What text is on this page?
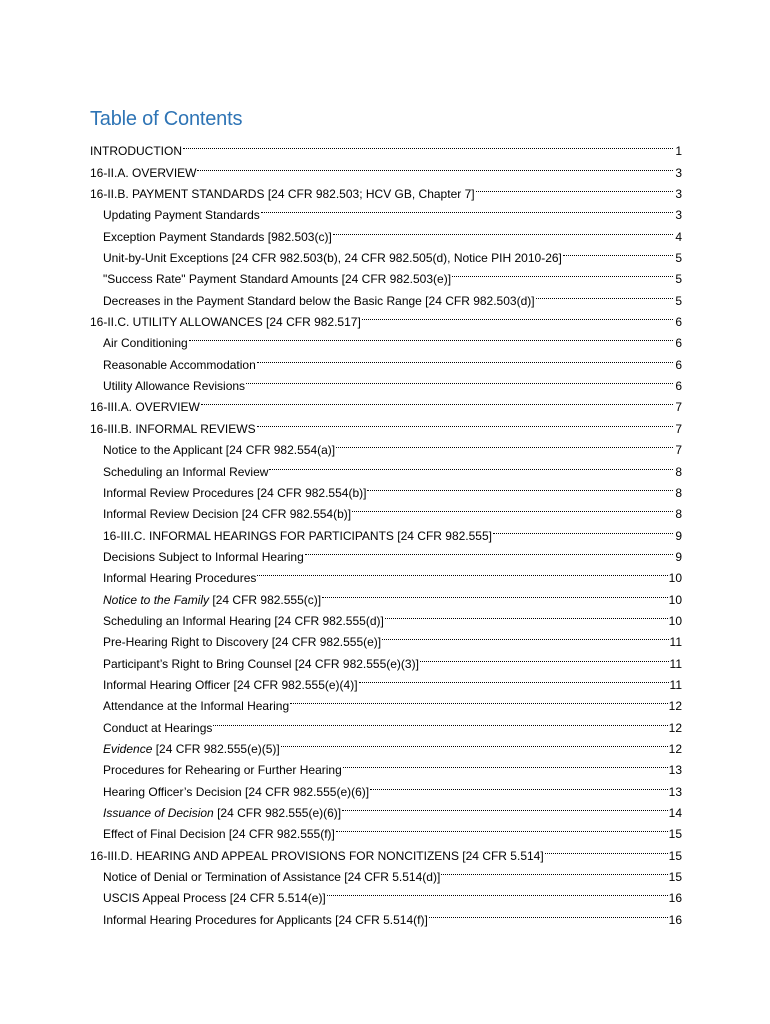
Table of Contents
INTRODUCTION	1
16-II.A. OVERVIEW	3
16-II.B. PAYMENT STANDARDS [24 CFR 982.503; HCV GB, Chapter 7]	3
Updating Payment Standards	3
Exception Payment Standards [982.503(c)]	4
Unit-by-Unit Exceptions [24 CFR 982.503(b), 24 CFR 982.505(d), Notice PIH 2010-26]	5
"Success Rate" Payment Standard Amounts [24 CFR 982.503(e)]	5
Decreases in the Payment Standard below the Basic Range [24 CFR 982.503(d)]	5
16-II.C. UTILITY ALLOWANCES [24 CFR 982.517]	6
Air Conditioning	6
Reasonable Accommodation	6
Utility Allowance Revisions	6
16-III.A. OVERVIEW	7
16-III.B. INFORMAL REVIEWS	7
Notice to the Applicant [24 CFR 982.554(a)]	7
Scheduling an Informal Review	8
Informal Review Procedures [24 CFR 982.554(b)]	8
Informal Review Decision [24 CFR 982.554(b)]	8
16-III.C. INFORMAL HEARINGS FOR PARTICIPANTS [24 CFR 982.555]	9
Decisions Subject to Informal Hearing	9
Informal Hearing Procedures	10
Notice to the Family [24 CFR 982.555(c)]	10
Scheduling an Informal Hearing [24 CFR 982.555(d)]	10
Pre-Hearing Right to Discovery [24 CFR 982.555(e)]	11
Participant’s Right to Bring Counsel [24 CFR 982.555(e)(3)]	11
Informal Hearing Officer [24 CFR 982.555(e)(4)]	11
Attendance at the Informal Hearing	12
Conduct at Hearings	12
Evidence [24 CFR 982.555(e)(5)]	12
Procedures for Rehearing or Further Hearing	13
Hearing Officer’s Decision [24 CFR 982.555(e)(6)]	13
Issuance of Decision [24 CFR 982.555(e)(6)]	14
Effect of Final Decision [24 CFR 982.555(f)]	15
16-III.D. HEARING AND APPEAL PROVISIONS FOR NONCITIZENS [24 CFR 5.514]	15
Notice of Denial or Termination of Assistance [24 CFR 5.514(d)]	15
USCIS Appeal Process [24 CFR 5.514(e)]	16
Informal Hearing Procedures for Applicants [24 CFR 5.514(f)]	16
